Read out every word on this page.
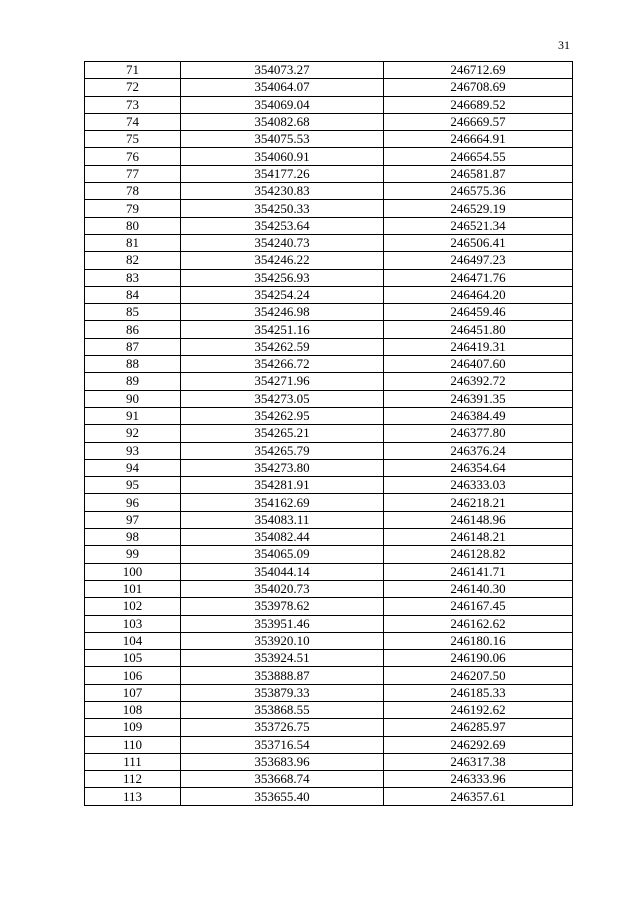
31
71	354073.27	246712.69
72	354064.07	246708.69
73	354069.04	246689.52
74	354082.68	246669.57
75	354075.53	246664.91
76	354060.91	246654.55
77	354177.26	246581.87
78	354230.83	246575.36
79	354250.33	246529.19
80	354253.64	246521.34
81	354240.73	246506.41
82	354246.22	246497.23
83	354256.93	246471.76
84	354254.24	246464.20
85	354246.98	246459.46
86	354251.16	246451.80
87	354262.59	246419.31
88	354266.72	246407.60
89	354271.96	246392.72
90	354273.05	246391.35
91	354262.95	246384.49
92	354265.21	246377.80
93	354265.79	246376.24
94	354273.80	246354.64
95	354281.91	246333.03
96	354162.69	246218.21
97	354083.11	246148.96
98	354082.44	246148.21
99	354065.09	246128.82
100	354044.14	246141.71
101	354020.73	246140.30
102	353978.62	246167.45
103	353951.46	246162.62
104	353920.10	246180.16
105	353924.51	246190.06
106	353888.87	246207.50
107	353879.33	246185.33
108	353868.55	246192.62
109	353726.75	246285.97
110	353716.54	246292.69
111	353683.96	246317.38
112	353668.74	246333.96
113	353655.40	246357.61
